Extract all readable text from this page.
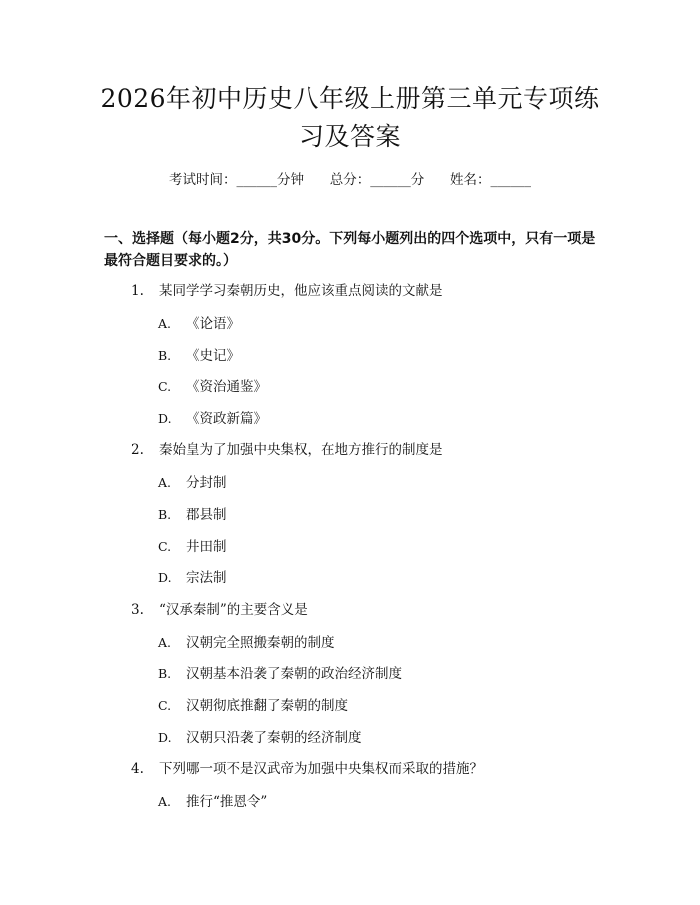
2026年初中历史八年级上册第三单元专项练习及答案
考试时间：______分钟 总分：______分 姓名：______
一、选择题（每小题2分，共30分。下列每小题列出的四个选项中，只有一项是最符合题目要求的。）
1. 某同学学习秦朝历史，他应该重点阅读的文献是
A. 《论语》
B. 《史记》
C. 《资治通鉴》
D. 《资政新篇》
2. 秦始皇为了加强中央集权，在地方推行的制度是
A. 分封制
B. 郡县制
C. 井田制
D. 宗法制
3. “汉承秦制”的主要含义是
A. 汉朝完全照搬秦朝的制度
B. 汉朝基本沿袭了秦朝的政治经济制度
C. 汉朝彻底推翻了秦朝的制度
D. 汉朝只沿袭了秦朝的经济制度
4. 下列哪一项不是汉武帝为加强中央集权而采取的措施？
A. 推行“推恩令”
